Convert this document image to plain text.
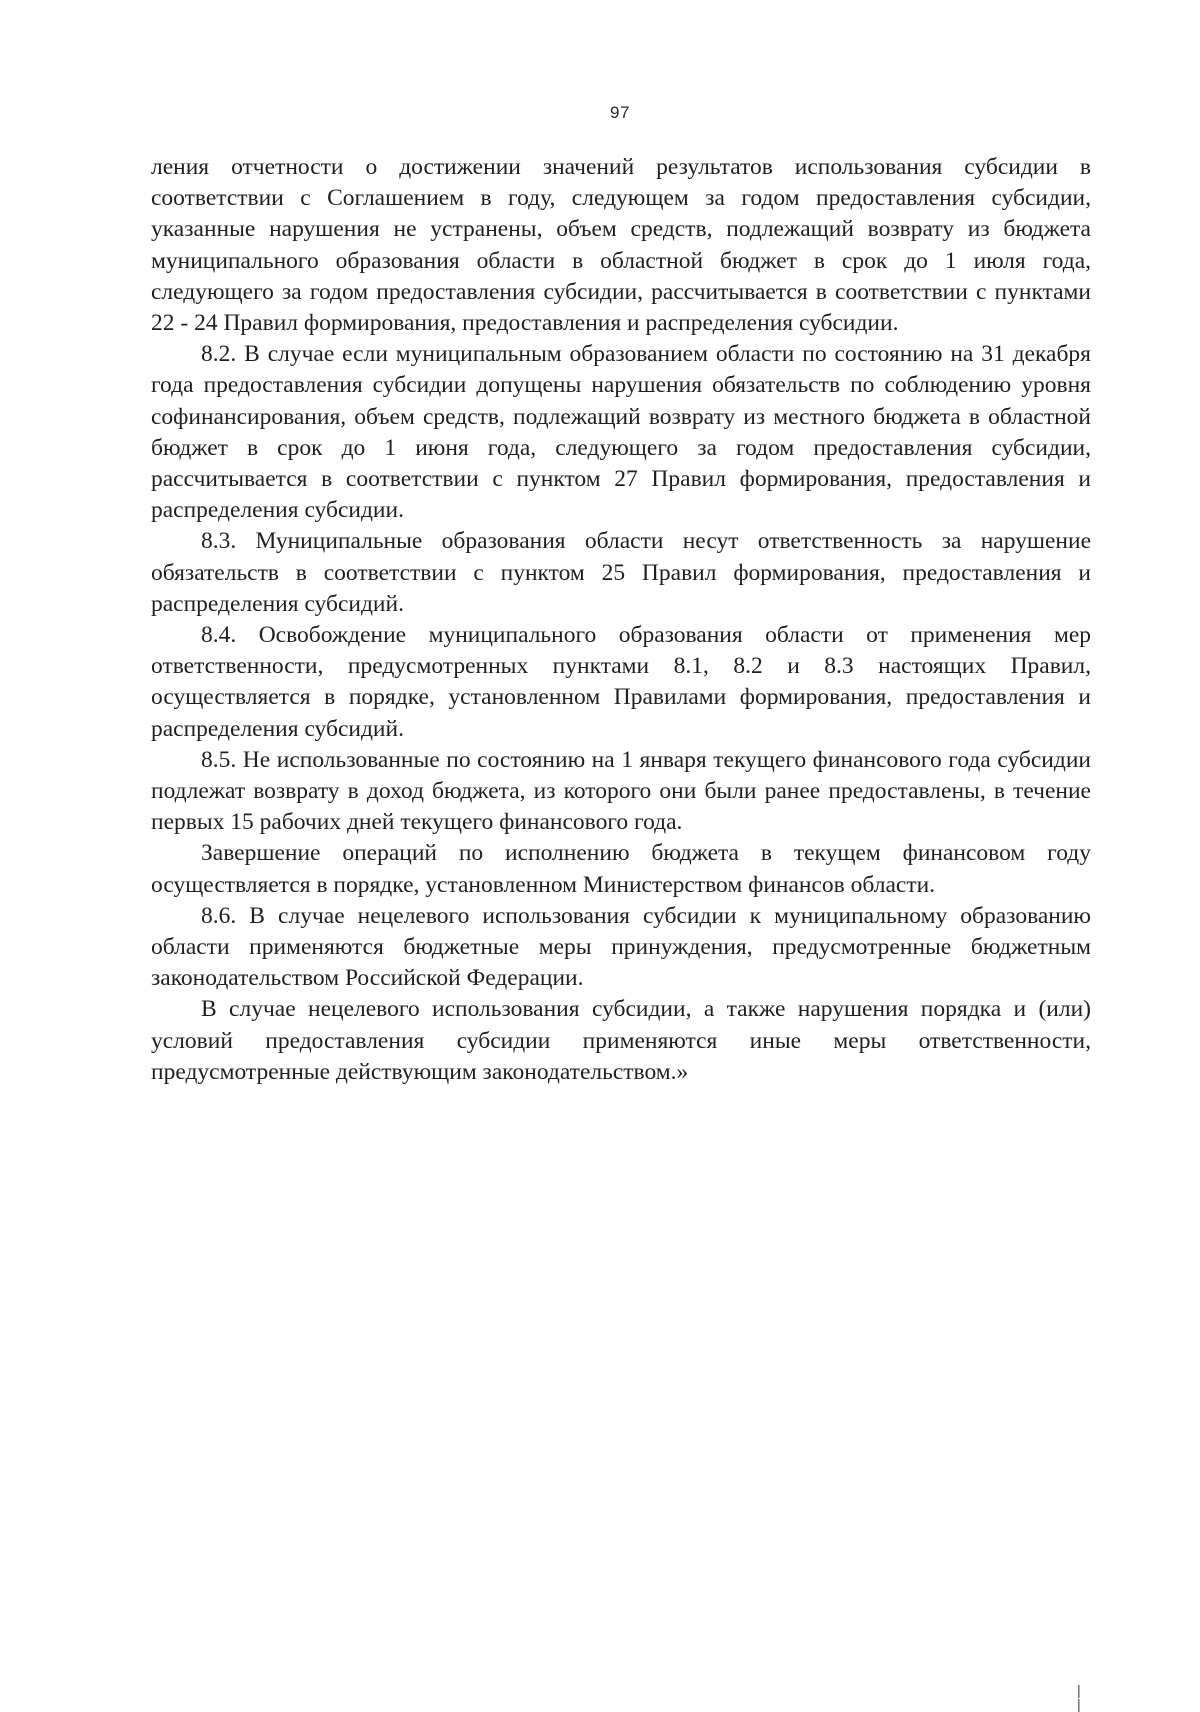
97

ления отчетности о достижении значений результатов использования субсидии в соответствии с Соглашением в году, следующем за годом предоставления субсидии, указанные нарушения не устранены, объем средств, подлежащий возврату из бюджета муниципального образования области в областной бюджет в срок до 1 июля года, следующего за годом предоставления субсидии, рассчитывается в соответствии с пунктами 22 - 24 Правил формирования, предоставления и распределения субсидии.

8.2. В случае если муниципальным образованием области по состоянию на 31 декабря года предоставления субсидии допущены нарушения обязательств по соблюдению уровня софинансирования, объем средств, подлежащий возврату из местного бюджета в областной бюджет в срок до 1 июня года, следующего за годом предоставления субсидии, рассчитывается в соответствии с пунктом 27 Правил формирования, предоставления и распределения субсидии.

8.3. Муниципальные образования области несут ответственность за нарушение обязательств в соответствии с пунктом 25 Правил формирования, предоставления и распределения субсидий.

8.4. Освобождение муниципального образования области от применения мер ответственности, предусмотренных пунктами 8.1, 8.2 и 8.3 настоящих Правил, осуществляется в порядке, установленном Правилами формирования, предоставления и распределения субсидий.

8.5. Не использованные по состоянию на 1 января текущего финансового года субсидии подлежат возврату в доход бюджета, из которого они были ранее предоставлены, в течение первых 15 рабочих дней текущего финансового года.

Завершение операций по исполнению бюджета в текущем финансовом году осуществляется в порядке, установленном Министерством финансов области.

8.6. В случае нецелевого использования субсидии к муниципальному образованию области применяются бюджетные меры принуждения, предусмотренные бюджетным законодательством Российской Федерации.

В случае нецелевого использования субсидии, а также нарушения порядка и (или) условий предоставления субсидии применяются иные меры ответственности, предусмотренные действующим законодательством.»

| |
